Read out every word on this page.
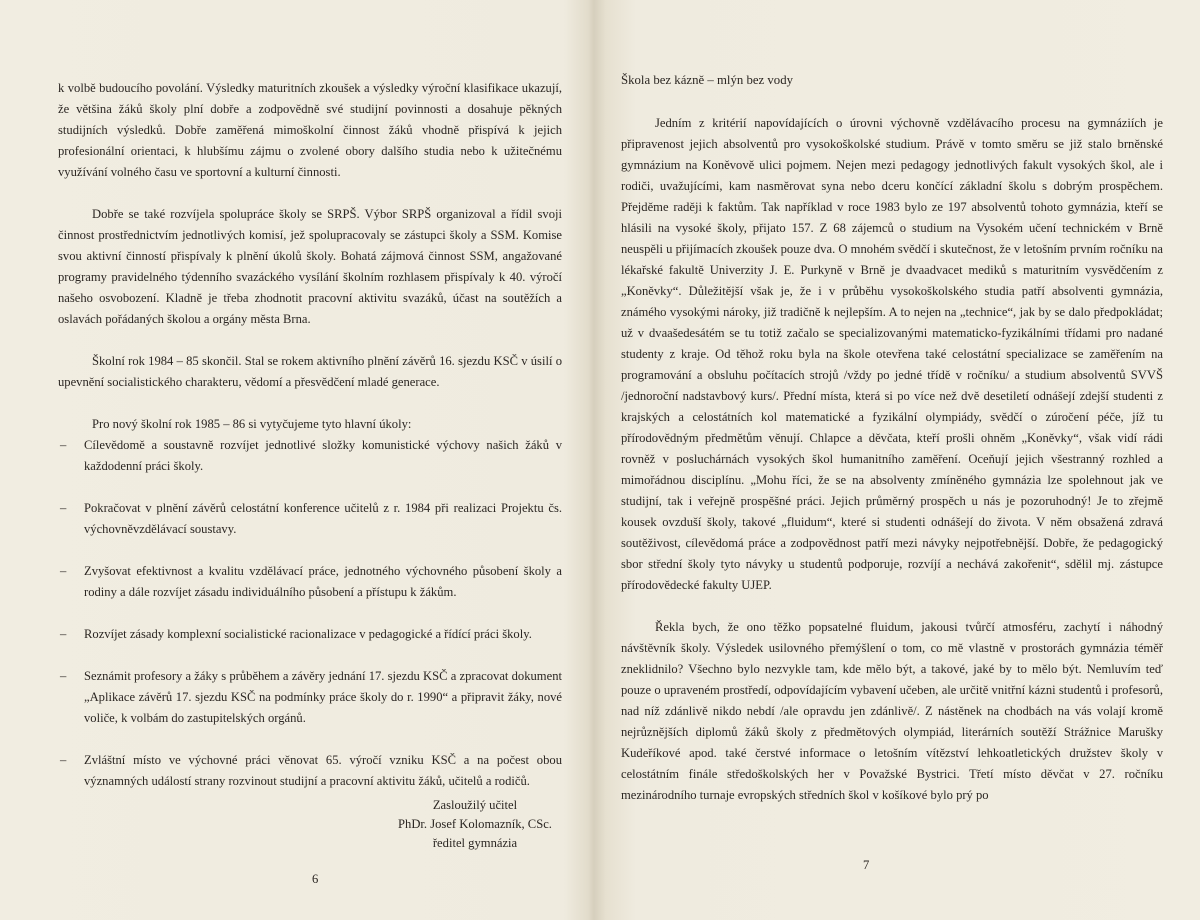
k volbě budoucího povolání. Výsledky maturitních zkoušek a výsledky výroční klasifikace ukazují, že většina žáků školy plní dobře a zodpovědně své studijní povinnosti a dosahuje pěkných studijních výsledků. Dobře zaměřená mimoškolní činnost žáků vhodně přispívá k jejich profesionální orientaci, k hlubšímu zájmu o zvolené obory dalšího studia nebo k užitečnému využívání volného času ve sportovní a kulturní činnosti.

Dobře se také rozvíjela spolupráce školy se SRPŠ. Výbor SRPŠ organizoval a řídil svoji činnost prostřednictvím jednotlivých komisí, jež spolupracovaly se zástupci školy a SSM. Komise svou aktivní činností přispívaly k plnění úkolů školy. Bohatá zájmová činnost SSM, angažované programy pravidelného týdenního svazáckého vysílání školním rozhlasem přispívaly k 40. výročí našeho osvobození. Kladně je třeba zhodnotit pracovní aktivitu svazáků, účast na soutěžích a oslavách pořádaných školou a orgány města Brna.

Školní rok 1984 – 85 skončil. Stal se rokem aktivního plnění závěrů 16. sjezdu KSČ v úsilí o upevnění socialistického charakteru, vědomí a přesvědčení mladé generace.

Pro nový školní rok 1985 – 86 si vytyčujeme tyto hlavní úkoly:

– Cílevědomě a soustavně rozvíjet jednotlivé složky komunistické výchovy našich žáků v každodenní práci školy.
– Pokračovat v plnění závěrů celostátní konference učitelů z r. 1984 při realizaci Projektu čs. výchovněvzdělávací soustavy.
– Zvyšovat efektivnost a kvalitu vzdělávací práce, jednotného výchovného působení školy a rodiny a dále rozvíjet zásadu individuálního působení a přístupu k žákům.
– Rozvíjet zásady komplexní socialistické racionalizace v pedagogické a řídící práci školy.
– Seznámit profesory a žáky s průběhem a závěry jednání 17. sjezdu KSČ a zpracovat dokument „Aplikace závěrů 17. sjezdu KSČ na podmínky práce školy do r. 1990“ a připravit žáky, nové voliče, k volbám do zastupitelských orgánů.
– Zvláštní místo ve výchovné práci věnovat 65. výročí vzniku KSČ a na počest obou významných událostí strany rozvinout studijní a pracovní aktivitu žáků, učitelů a rodičů.
Zasloužilý učitel
PhDr. Josef Kolomazník, CSc.
ředitel gymnázia
6

Škola bez kázně – mlýn bez vody

Jedním z kritérií napovídajících o úrovni výchovně vzdělávacího procesu na gymnáziích je připravenost jejich absolventů pro vysokoškolské studium. Právě v tomto směru se již stalo brněnské gymnázium na Koněvově ulici pojmem. Nejen mezi pedagogy jednotlivých fakult vysokých škol, ale i rodiči, uvažujícími, kam nasměrovat syna nebo dceru končící základní školu s dobrým prospěchem. Přejděme raději k faktům. Tak například v roce 1983 bylo ze 197 absolventů tohoto gymnázia, kteří se hlásili na vysoké školy, přijato 157. Z 68 zájemců o studium na Vysokém učení technickém v Brně neuspěli u přijímacích zkoušek pouze dva. O mnohém svědčí i skutečnost, že v letošním prvním ročníku na lékařské fakultě Univerzity J. E. Purkyně v Brně je dvaadvacet mediků s maturitním vysvědčením z „Koněvky“. Důležitější však je, že i v průběhu vysokoškolského studia patří absolventi gymnázia, známého vysokými nároky, již tradičně k nejlepším. A to nejen na „technice“, jak by se dalo předpokládat; už v dvaašedesátém se tu totiž začalo se specializovanými matematicko-fyzikálními třídami pro nadané studenty z kraje. Od těhož roku byla na škole otevřena také celostátní specializace se zaměřením na programování a obsluhu počítacích strojů /vždy po jedné třídě v ročníku/ a studium absolventů SVVŠ /jednoroční nadstavbový kurs/. Přední místa, která si po více než dvě desetiletí odnášejí zdejší studenti z krajských a celostátních kol matematické a fyzikální olympiády, svědčí o zúročení péče, jíž tu přírodovědným předmětům věnují. Chlapce a děvčata, kteří prošli ohněm „Koněvky“, však vidí rádi rovněž v posluchárnách vysokých škol humanitního zaměření. Oceňují jejich všestranný rozhled a mimořádnou disciplínu. „Mohu říci, že se na absolventy zmíněného gymnázia lze spolehnout jak ve studijní, tak i veřejně prospěšné práci. Jejich průměrný prospěch u nás je pozoruhodný! Je to zřejmě kousek ovzduší školy, takové „fluidum“, které si studenti odnášejí do života. V něm obsažená zdravá soutěživost, cílevědomá práce a zodpovědnost patří mezi návyky nejpotřebnější. Dobře, že pedagogický sbor střední školy tyto návyky u studentů podporuje, rozvíjí a nechává zakořenit“, sdělil mj. zástupce přírodovědecké fakulty UJEP.

Řekla bych, že ono těžko popsatelné fluidum, jakousi tvůrčí atmosféru, zachytí i náhodný návštěvník školy. Výsledek usilovného přemýšlení o tom, co mě vlastně v prostorách gymnázia téměř zneklidnilo? Všechno bylo nezvykle tam, kde mělo být, a takové, jaké by to mělo být. Nemluvím teď pouze o upraveném prostředí, odpovídajícím vybavení učeben, ale určitě vnitřní kázni studentů i profesorů, nad níž zdánlivě nikdo nebdí /ale opravdu jen zdánlivě/. Z nástěnek na chodbách na vás volají kromě nejrůznějších diplomů žáků školy z předmětových olympiád, literárních soutěží Strážnice Marušky Kudeříkové apod. také čerstvé informace o letošním vítězství lehkoatletických družstev školy v celostátním finále středoškolských her v Považské Bystrici. Třetí místo děvčat v 27. ročníku mezinárodního turnaje evropských středních škol v košíkové bylo prý po

7
